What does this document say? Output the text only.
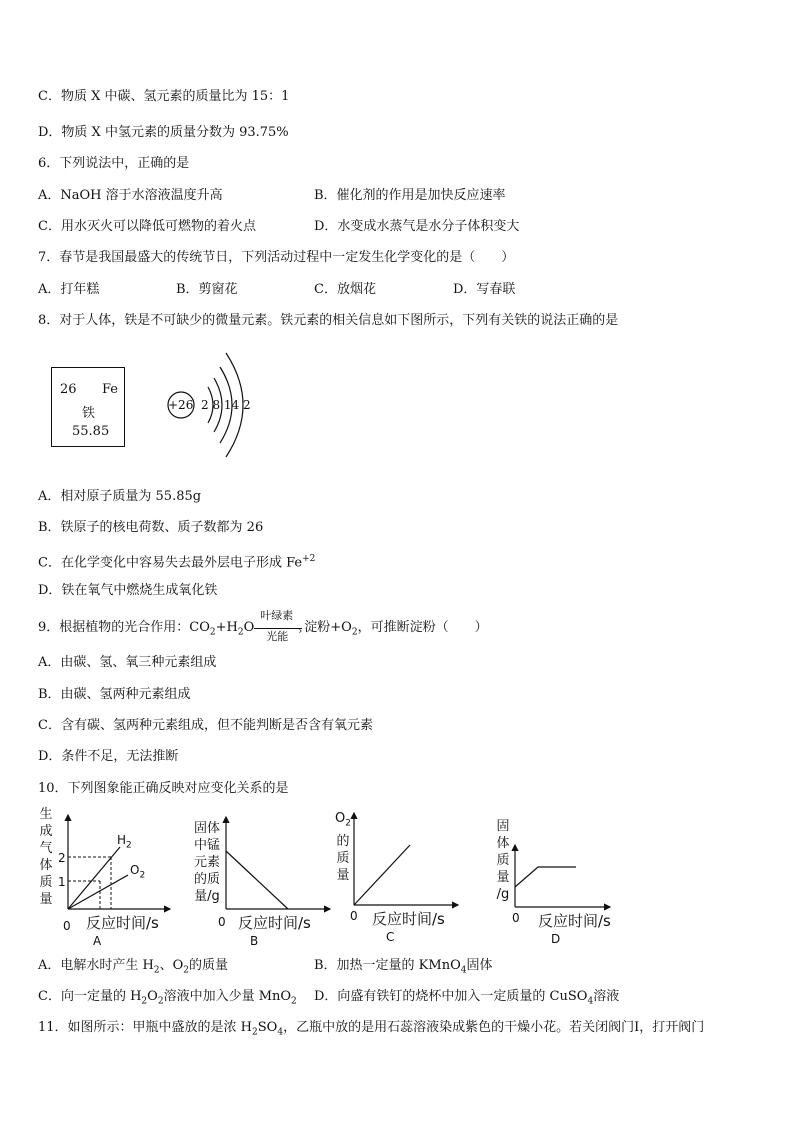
C．物质 X 中碳、氢元素的质量比为 15：1
D．物质 X 中氢元素的质量分数为 93.75%
6．下列说法中，正确的是
A．NaOH 溶于水溶液温度升高	B．催化剂的作用是加快反应速率
C．用水灭火可以降低可燃物的着火点	D．水变成水蒸气是水分子体积变大
7．春节是我国最盛大的传统节日，下列活动过程中一定发生化学变化的是（　　）
A．打年糕	B．剪窗花	C．放烟花	D．写春联
8．对于人体，铁是不可缺少的微量元素。铁元素的相关信息如下图所示，下列有关铁的说法正确的是
26 Fe
铁
55.85
+26 2 8 14 2
A．相对原子质量为 55.85g
B．铁原子的核电荷数、质子数都为 26
C．在化学变化中容易失去最外层电子形成 $Fe^{+2}$
D．铁在氧气中燃烧生成氧化铁
9．根据植物的光合作用：$CO_2+H_2O$
叶绿素
›
光能
淀粉$+O_2$，可推断淀粉（　　）
A．由碳、氢、氧三种元素组成
B．由碳、氢两种元素组成
C．含有碳、氢两种元素组成，但不能判断是否含有氧元素
D．条件不足，无法推断
10．下列图象能正确反映对应变化关系的是
生
成
气
体
质
量
2
1
$H_2$
$O_2$
0 反应时间/s
A
固体
中锰
元素
的质
量/g
0 反应时间/s
B
$O_2$
的
质
量
0 反应时间/s
C
固
体
质
量
/g
0 反应时间/s
D
A．电解水时产生 $H_2$、$O_2$的质量	B．加热一定量的 KMnO$_4$固体
C．向一定量的 $H_2O_2$溶液中加入少量 MnO$_2$ D．向盛有铁钉的烧杯中加入一定质量的 CuSO$_4$溶液
11．如图所示：甲瓶中盛放的是浓 $H_2SO_4$，乙瓶中放的是用石蕊溶液染成紫色的干燥小花。若关闭阀门Ⅰ，打开阀门
